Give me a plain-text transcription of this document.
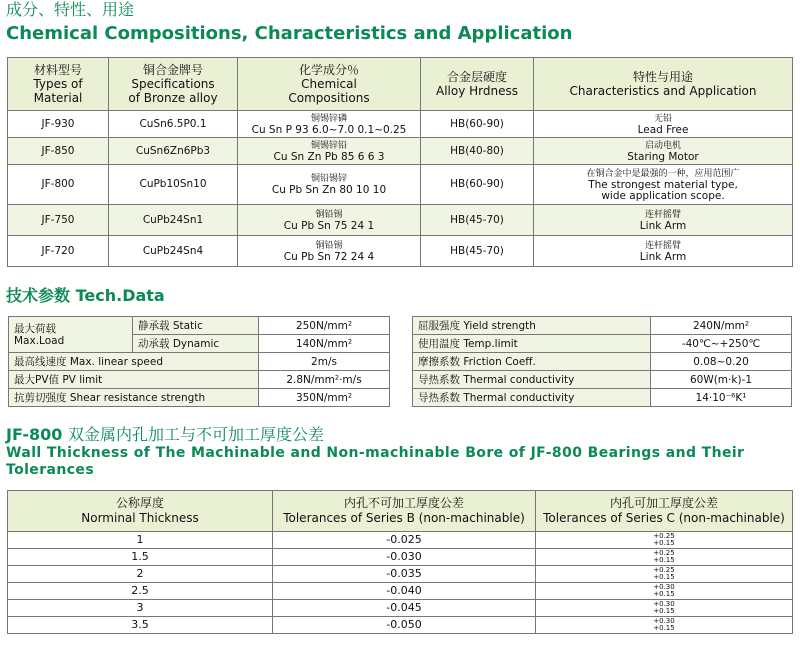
成分、特性、用途
Chemical Compositions, Characteristics and Application
材料型号
Types of
Material	铜合金牌号
Specifications
of Bronze alloy	化学成分％
Chemical
Compositions	合金层硬度
Alloy Hrdness	特性与用途
Characteristics and Application
JF-930	CuSn6.5P0.1	铜锡锌磷
Cu Sn P 93 6.0~7.0 0.1~0.25	HB(60-90)	无铅
Lead Free
JF-850	CuSn6Zn6Pb3	铜锡锌铅
Cu Sn Zn Pb 85 6 6 3	HB(40-80)	启动电机
Staring Motor
JF-800	CuPb10Sn10	铜铅锡锌
Cu Pb Sn Zn 80 10 10	HB(60-90)	在铜合金中是最强的一种，应用范围广
The strongest material type,
wide application scope.
JF-750	CuPb24Sn1	铜铅锡
Cu Pb Sn 75 24 1	HB(45-70)	连杆摇臂
Link Arm
JF-720	CuPb24Sn4	铜铅锡
Cu Pb Sn 72 24 4	HB(45-70)	连杆摇臂
Link Arm
技术参数 Tech.Data
最大荷载
Max.Load	静承载 Static	250N/mm²
	动承载 Dynamic	140N/mm²
最高线速度 Max. linear speed		2m/s
最大PV值 PV limit		2.8N/mm²·m/s
抗剪切强度 Shear resistance strength		350N/mm²
屈服强度 Yield strength	240N/mm²
使用温度 Temp.limit	-40℃~+250℃
摩擦系数 Friction Coeff.	0.08~0.20
导热系数 Thermal conductivity	60W(m·k)-1
导热系数 Thermal conductivity	14·10⁻⁶K¹
JF-800 双金属内孔加工与不可加工厚度公差
Wall Thickness of The Machinable and Non-machinable Bore of JF-800 Bearings and Their Tolerances
公称厚度
Norminal Thickness	内孔不可加工厚度公差
Tolerances of Series B (non-machinable)	内孔可加工厚度公差
Tolerances of Series C (non-machinable)
1	-0.025	+0.25
+0.15
1.5	-0.030	+0.25
+0.15
2	-0.035	+0.25
+0.15
2.5	-0.040	+0.30
+0.15
3	-0.045	+0.30
+0.15
3.5	-0.050	+0.30
+0.15
